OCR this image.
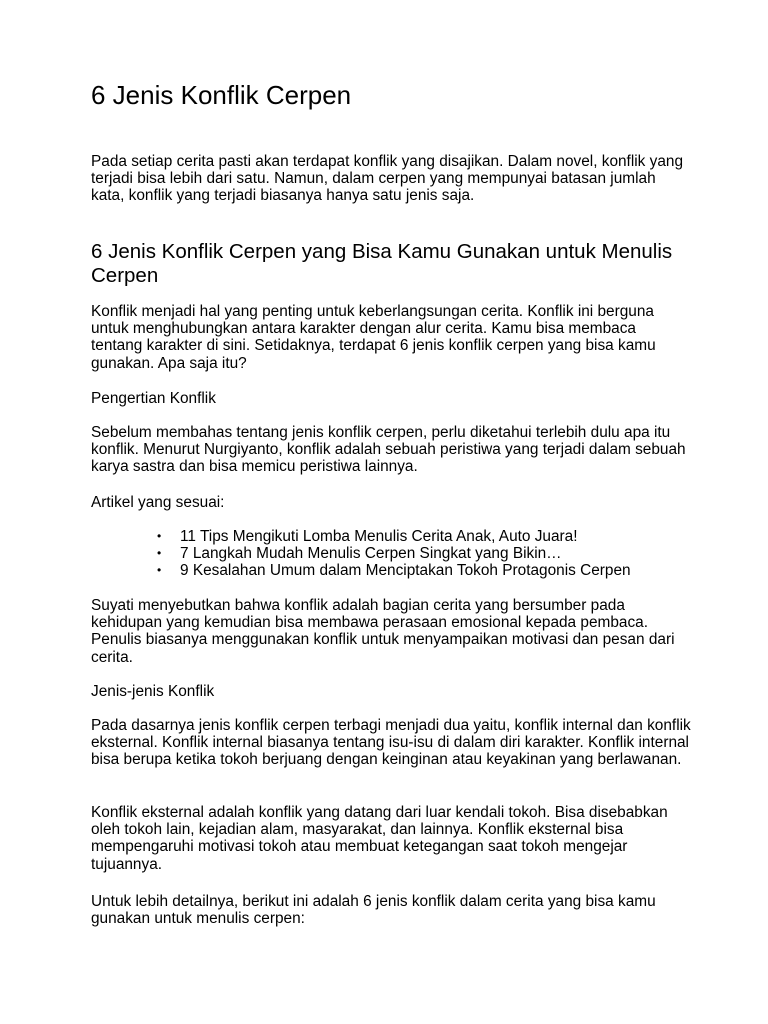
6 Jenis Konflik Cerpen

Pada setiap cerita pasti akan terdapat konflik yang disajikan. Dalam novel, konflik yang terjadi bisa lebih dari satu. Namun, dalam cerpen yang mempunyai batasan jumlah kata, konflik yang terjadi biasanya hanya satu jenis saja.

6 Jenis Konflik Cerpen yang Bisa Kamu Gunakan untuk Menulis Cerpen

Konflik menjadi hal yang penting untuk keberlangsungan cerita. Konflik ini berguna untuk menghubungkan antara karakter dengan alur cerita. Kamu bisa membaca tentang karakter di sini. Setidaknya, terdapat 6 jenis konflik cerpen yang bisa kamu gunakan. Apa saja itu?

Pengertian Konflik

Sebelum membahas tentang jenis konflik cerpen, perlu diketahui terlebih dulu apa itu konflik. Menurut Nurgiyanto, konflik adalah sebuah peristiwa yang terjadi dalam sebuah karya sastra dan bisa memicu peristiwa lainnya.

Artikel yang sesuai:

• 11 Tips Mengikuti Lomba Menulis Cerita Anak, Auto Juara!
• 7 Langkah Mudah Menulis Cerpen Singkat yang Bikin…
• 9 Kesalahan Umum dalam Menciptakan Tokoh Protagonis Cerpen

Suyati menyebutkan bahwa konflik adalah bagian cerita yang bersumber pada kehidupan yang kemudian bisa membawa perasaan emosional kepada pembaca. Penulis biasanya menggunakan konflik untuk menyampaikan motivasi dan pesan dari cerita.

Jenis-jenis Konflik

Pada dasarnya jenis konflik cerpen terbagi menjadi dua yaitu, konflik internal dan konflik eksternal. Konflik internal biasanya tentang isu-isu di dalam diri karakter. Konflik internal bisa berupa ketika tokoh berjuang dengan keinginan atau keyakinan yang berlawanan.

Konflik eksternal adalah konflik yang datang dari luar kendali tokoh. Bisa disebabkan oleh tokoh lain, kejadian alam, masyarakat, dan lainnya. Konflik eksternal bisa mempengaruhi motivasi tokoh atau membuat ketegangan saat tokoh mengejar tujuannya.

Untuk lebih detailnya, berikut ini adalah 6 jenis konflik dalam cerita yang bisa kamu gunakan untuk menulis cerpen:
